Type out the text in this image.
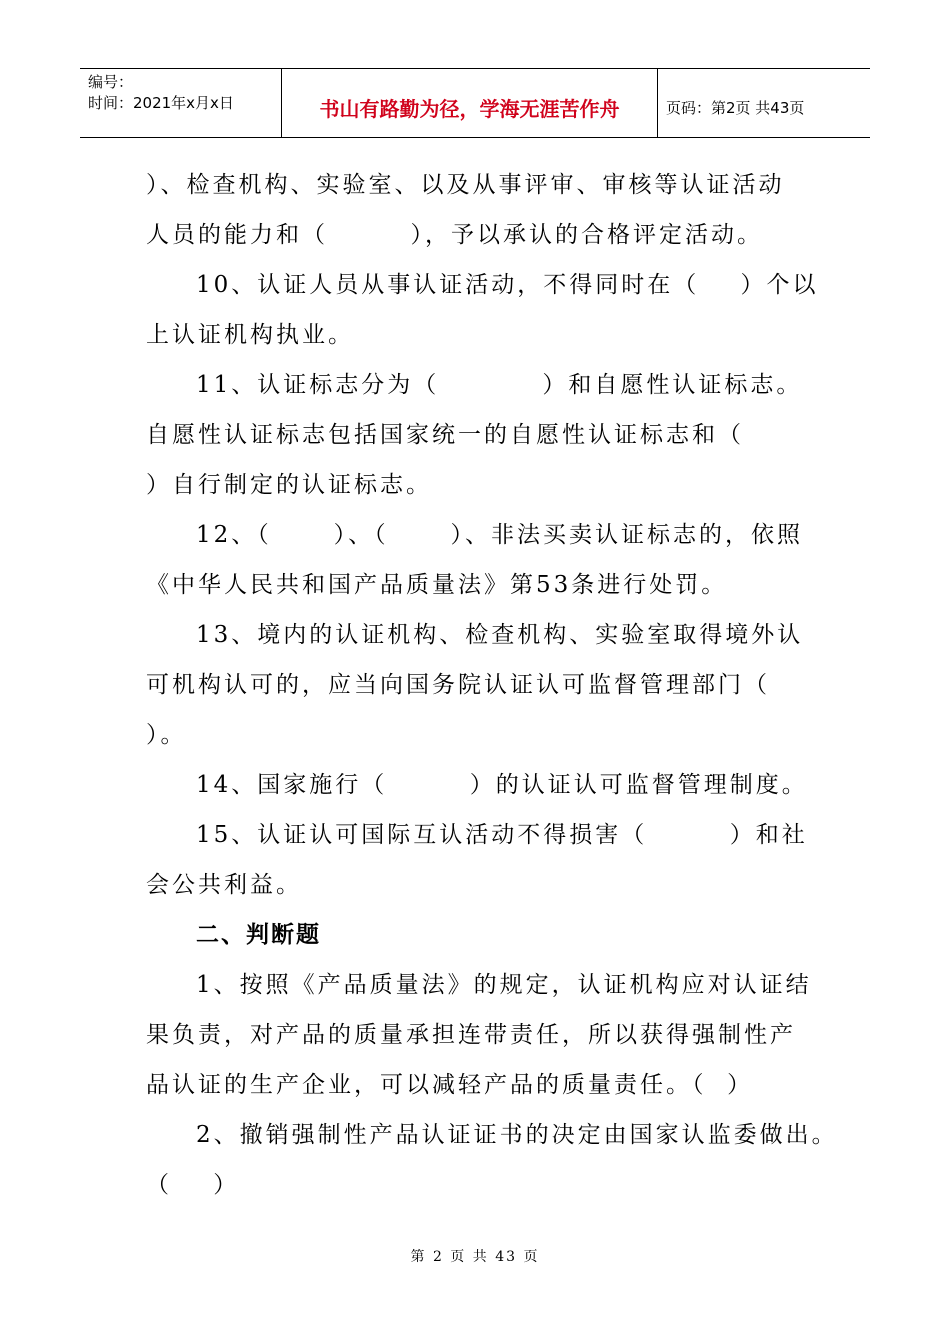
编号：
时间：2021年x月x日	书山有路勤为径，学海无涯苦作舟	页码：第2页 共43页
）、检查机构、实验室、以及从事评审、审核等认证活动
人员的能力和（        ），予以承认的合格评定活动。
10、认证人员从事认证活动，不得同时在（    ）个以
上认证机构执业。
11、认证标志分为（          ）和自愿性认证标志。
自愿性认证标志包括国家统一的自愿性认证标志和（
）自行制定的认证标志。
12、（      ）、（      ）、非法买卖认证标志的，依照
《中华人民共和国产品质量法》第53条进行处罚。
13、境内的认证机构、检查机构、实验室取得境外认
可机构认可的，应当向国务院认证认可监督管理部门（
）。
14、国家施行（        ）的认证认可监督管理制度。
15、认证认可国际互认活动不得损害（        ）和社
会公共利益。
二、判断题
1、按照《产品质量法》的规定，认证机构应对认证结
果负责，对产品的质量承担连带责任，所以获得强制性产
品认证的生产企业，可以减轻产品的质量责任。（  ）
2、撤销强制性产品认证证书的决定由国家认监委做出。
（    ）
第 2 页 共 43 页
